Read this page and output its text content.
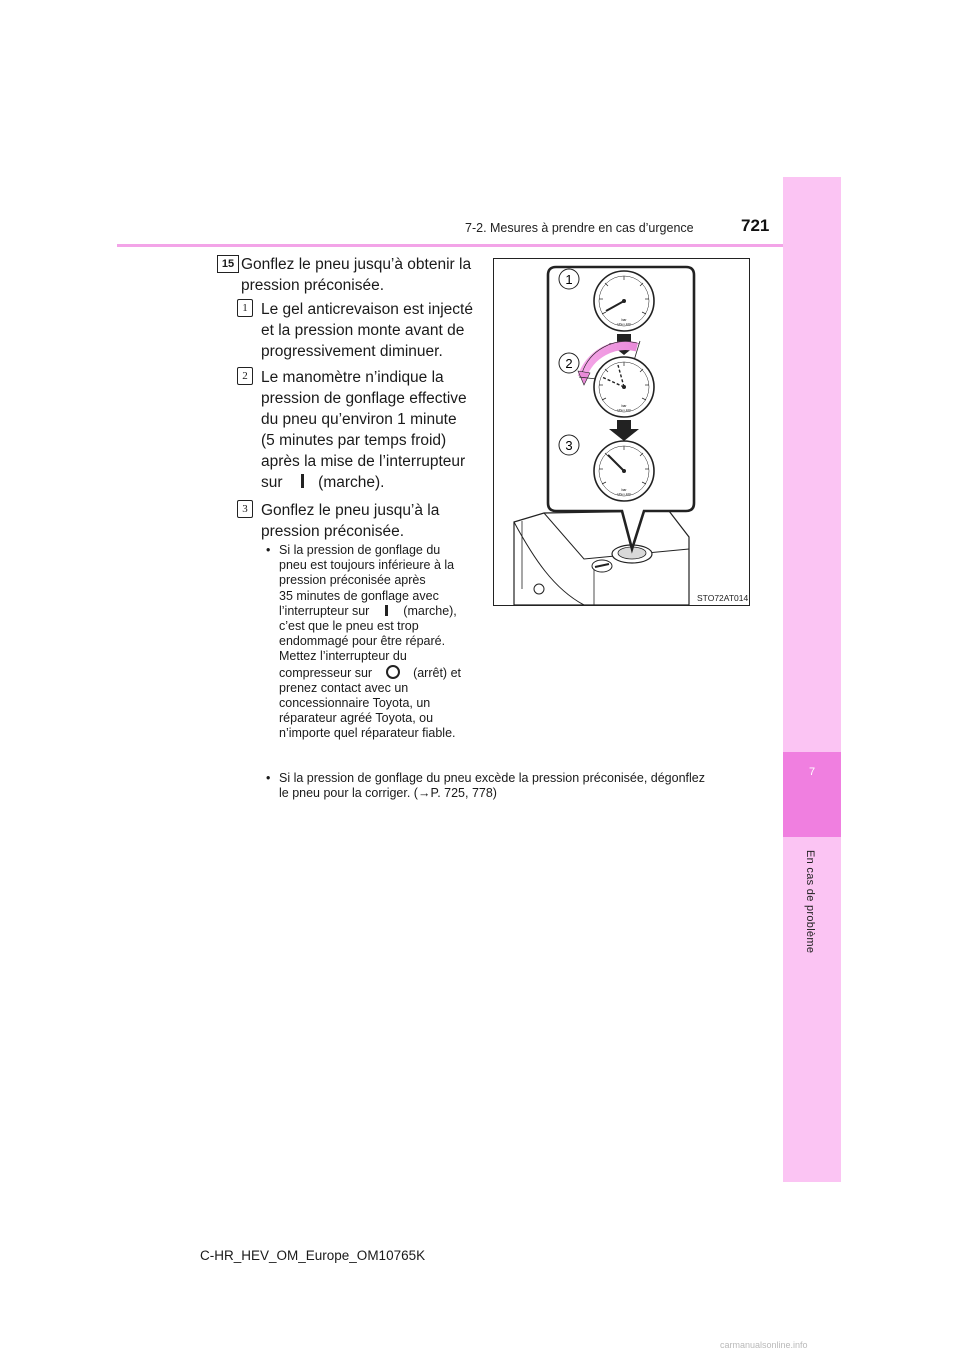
7
En cas de problème
7-2. Mesures à prendre en cas d’urgence	721
15 Gonflez le pneu jusqu’à obtenir la
pression préconisée.
1 Le gel anticrevaison est injecté
et la pression monte avant de
progressivement diminuer.
2 Le manomètre n’indique la
pression de gonflage effective
du pneu qu’environ 1 minute
(5 minutes par temps froid)
après la mise de l’interrupteur
sur (marche).
3 Gonflez le pneu jusqu’à la
pression préconisée.
• Si la pression de gonflage du
pneu est toujours inférieure à la
pression préconisée après
35 minutes de gonflage avec
l’interrupteur sur	(marche),
c’est que le pneu est trop
endommagé pour être réparé.
Mettez l’interrupteur du
compresseur sur	(arrêt) et
prenez contact avec un
concessionnaire Toyota, un
réparateur agréé Toyota, ou
n’importe quel réparateur fiable.
• Si la pression de gonflage du pneu excède la pression préconisée, dégonflez
le pneu pour la corriger. (→P. 725, 778)
bar
kPa x 100
bar
kPa x 100
bar
kPa x 100
1
2
3
STO72AT014
C-HR_HEV_OM_Europe_OM10765K
carmanualsonline.info
